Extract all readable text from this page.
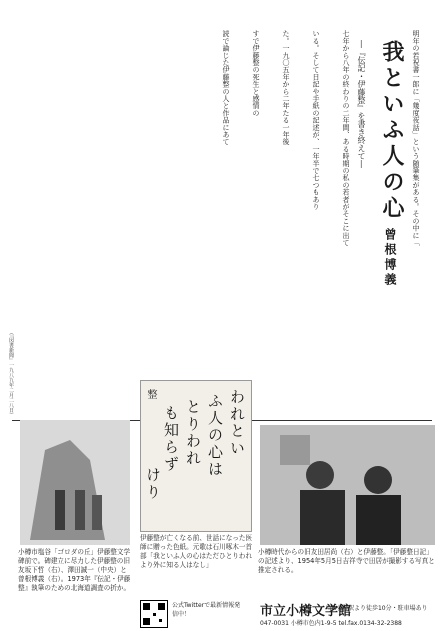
我といふ人の心
―『伝記・伊藤整』を書き終えて―
曾根博義
明年の若祝書一郎に「幾度夜話」という随筆集がある。その中に「
七年から八年の終わりの二年間、ある時期の私の若者がそこに出て
いる。そして日記や手紙の記述が、一年半で七つもあり
た。一九〇五年から二年たる一年後
すで伊藤整の死生と感情の
読で論じた伊藤整の人と作品にあて
（『図書新聞』一九八九年二月二八日）
小樽市塩谷「ゴロダの丘」伊藤整文学碑前で。碑建立に尽力した伊藤整の旧友坂下哲（右）、澤田誠一（中央）と曾根博義（右）。1973年『伝記・伊藤整』執筆のための北海道調査の折か。
われとい
ふ人の心は
とりわれ
も知らず
けり
整
伊藤整が亡くなる前、世話になった医師に贈った色紙。元歌は石川啄木一首部「我といふ人の心はただひとりわれより外に知る人はなし」
小樽時代からの旧友田居尚（右）と伊藤整。「伊藤整日記」の記述より、1954年5月5日吉祥寺で田居が撮影する写真と推定される。
公式Twitterで最新情報発信中！	市立小樽文学館
JR小樽駅より徒歩10分・駐車場あり
047-0031 小樽市色内1-9-5 tel.fax.0134-32-2388
